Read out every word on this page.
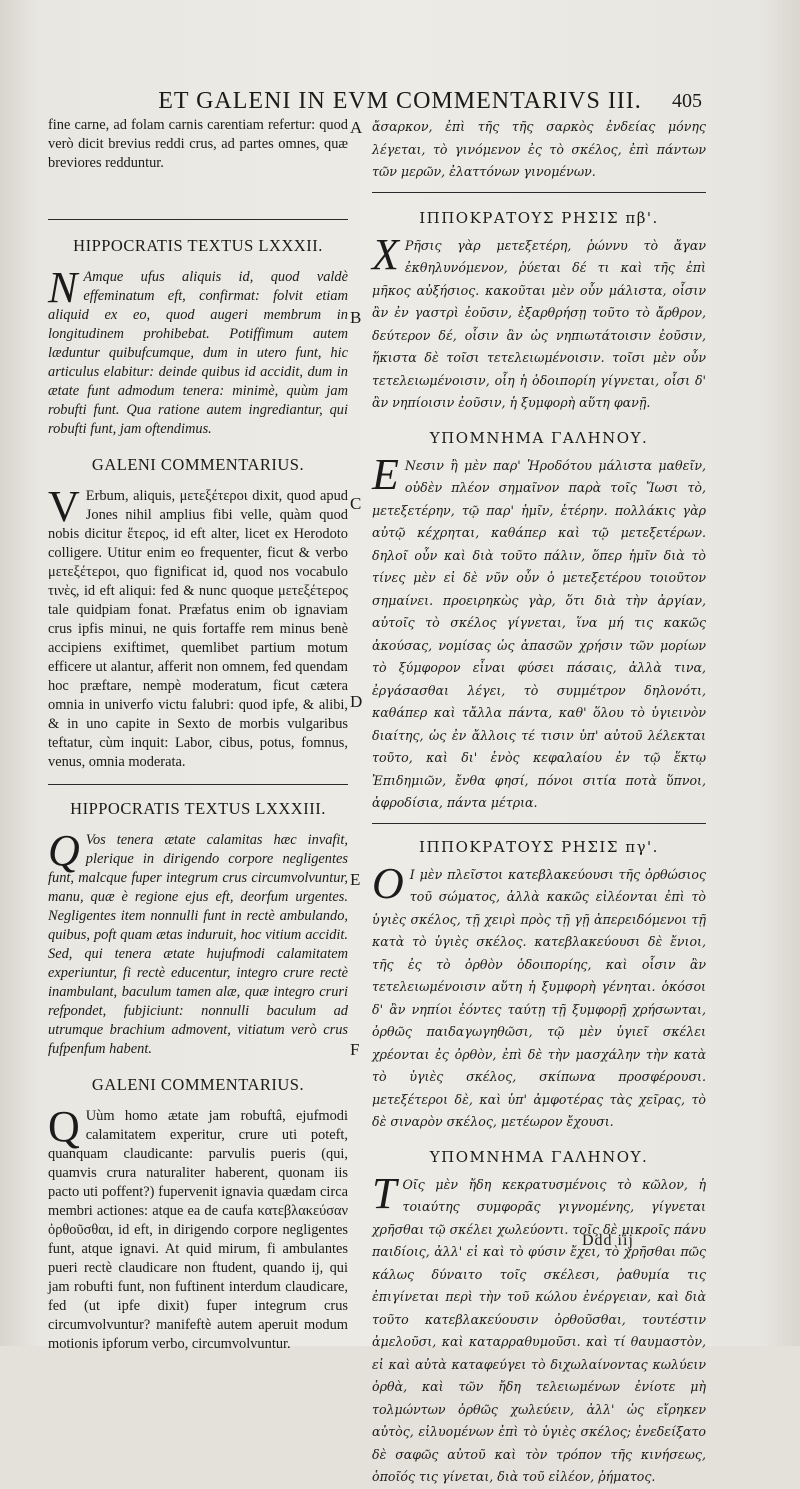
ET GALENI IN EVM COMMENTARIVS III.	405

fine carne, ad folam carnis carentiam refertur: quod verò dicit brevius reddi crus, ad partes omnes, quæ breviores redduntur.

HIPPOCRATIS TEXTUS LXXXII.

N Amque ufus aliquis id, quod valdè effeminatum eft, confirmat: folvit etiam aliquid ex eo, quod augeri membrum in longitudinem prohibebat. Potiffimum autem læduntur quibufcumque, dum in utero funt, hic articulus elabitur: deinde quibus id accidit, dum in ætate funt admodum tenera: minimè, quùm jam robufti funt. Qua ratione autem ingrediantur, qui robufti funt, jam oftendimus.

GALENI COMMENTARIUS.

V Erbum, aliquis, μετεξέτεροι dixit, quod apud Jones nihil amplius fibi velle, quàm quod nobis dicitur ἕτερος, id eft alter, licet ex Herodoto colligere. Utitur enim eo frequenter, ficut & verbo μετεξέτεροι, quo fignificat id, quod nos vocabulo τινὲς, id eft aliqui: fed & nunc quoque μετεξέτερος tale quidpiam fonat. Præfatus enim ob ignaviam crus ipfis minui, ne quis fortaffe rem minus benè accipiens exiftimet, quemlibet partium motum efficere ut alantur, afferit non omnem, fed quendam hoc præftare, nempè moderatum, ficut cætera omnia in univerfo victu falubri: quod ipfe, & alibi, & in uno capite in Sexto de morbis vulgaribus teftatur, cùm inquit: Labor, cibus, potus, fomnus, venus, omnia moderata.

HIPPOCRATIS TEXTUS LXXXIII.

Q Vos tenera ætate calamitas hæc invafit, plerique in dirigendo corpore negligentes funt, malcque fuper integrum crus circumvolvuntur, manu, quæ è regione ejus eft, deorfum urgentes. Negligentes item nonnulli funt in rectè ambulando, quibus, poft quam ætas induruit, hoc vitium accidit. Sed, qui tenera ætate hujufmodi calamitatem experiuntur, fi rectè educentur, integro crure rectè inambulant, baculum tamen alæ, quæ integro cruri refpondet, fubjiciunt: nonnulli baculum ad utrumque brachium admovent, vitiatum verò crus fufpenfum habent.

GALENI COMMENTARIUS.

Q Uùm homo ætate jam robuftâ, ejufmodi calamitatem experitur, crure uti poteft, quanquam claudicante: parvulis pueris (qui, quamvis crura naturaliter haberent, quonam iis pacto uti poffent?) fupervenit ignavia quædam circa membri actiones: atque ea de caufa κατεβλακεύσαν ὀρθοῦσθαι, id eft, in dirigendo corpore negligentes funt, atque ignavi. At quid mirum, fi ambulantes pueri rectè claudicare non ftudent, quando ij, qui jam robufti funt, non fuftinent interdum claudicare, fed (ut ipfe dixit) fuper integrum crus circumvolvuntur? manifeftè autem aperuit modum motionis ipforum verbo, circumvolvuntur.

A
B
C
D
E
F

ἄσαρκον, ἐπὶ τῆς τῆς σαρκὸς ἐνδείας μόνης λέγεται, τὸ γινόμενον ἐς τὸ σκέλος, ἐπὶ πάντων τῶν μερῶν, ἐλαττόνων γινομένων.

ΙΠΠΟΚΡΑΤΟΥΣ ΡΗΣΙΣ πβ'.

Χ Ρῆσις γὰρ μετεξετέρη, ῥώννυ τὸ ἄγαν ἐκθηλυνόμενον, ῥύεται δέ τι καὶ τῆς ἐπὶ μῆκος αὐξήσιος. κακοῦται μὲν οὖν μάλιστα, οἷσιν ἂν ἐν γαστρὶ ἐοῦσιν, ἐξαρθρήσῃ τοῦτο τὸ ἄρθρον, δεύτερον δέ, οἷσιν ἂν ὡς νηπιωτάτοισιν ἐοῦσιν, ἥκιστα δὲ τοῖσι τετελειωμένοισιν. τοῖσι μὲν οὖν τετελειωμένοισιν, οἷη ἡ ὁδοιπορίη γίγνεται, οἷσι δ' ἂν νηπίοισιν ἐοῦσιν, ἡ ξυμφορὴ αὕτη φανῇ.

ΥΠΟΜΝΗΜΑ ΓΑΛΗΝΟΥ.

Ε Νεσιν ἢ μὲν παρ' Ἡροδότου μάλιστα μαθεῖν, οὐδὲν πλέον σημαῖνον παρὰ τοῖς Ἴωσι τὸ, μετεξετέρην, τῷ παρ' ἡμῖν, ἑτέρην. πολλάκις γὰρ αὐτῷ κέχρηται, καθάπερ καὶ τῷ μετεξετέρων. δηλοῖ οὖν καὶ διὰ τοῦτο πάλιν, ὅπερ ἡμῖν διὰ τὸ τίνες μὲν εἰ δὲ νῦν οὖν ὁ μετεξετέρου τοιοῦτον σημαίνει. προειρηκὼς γὰρ, ὅτι διὰ τὴν ἀργίαν, αὐτοῖς τὸ σκέλος γίγνεται, ἵνα μή τις κακῶς ἀκούσας, νομίσας ὡς ἁπασῶν χρήσιν τῶν μορίων τὸ ξύμφορον εἶναι φύσει πάσαις, ἀλλὰ τινα, ἐργάσασθαι λέγει, τὸ συμμέτρον δηλονότι, καθάπερ καὶ τἄλλα πάντα, καθ' ὅλου τὸ ὑγιεινὸν διαίτης, ὡς ἐν ἄλλοις τέ τισιν ὑπ' αὐτοῦ λέλεκται τοῦτο, καὶ δι' ἑνὸς κεφαλαίου ἐν τῷ ἕκτῳ Ἐπιδημιῶν, ἔνθα φησί, πόνοι σιτία ποτὰ ὕπνοι, ἀφροδίσια, πάντα μέτρια.

ΙΠΠΟΚΡΑΤΟΥΣ ΡΗΣΙΣ πγ'.

Ο Ι μὲν πλεῖστοι κατεβλακεύουσι τῆς ὀρθώσιος τοῦ σώματος, ἀλλὰ κακῶς εἰλέονται ἐπὶ τὸ ὑγιὲς σκέλος, τῇ χειρὶ πρὸς τῇ γῇ ἀπερειδόμενοι τῇ κατὰ τὸ ὑγιὲς σκέλος. κατεβλακεύουσι δὲ ἔνιοι, τῆς ἐς τὸ ὀρθὸν ὁδοιπορίης, καὶ οἷσιν ἂν τετελειωμένοισιν αὕτη ἡ ξυμφορὴ γένηται. ὁκόσοι δ' ἂν νηπίοι ἐόντες ταύτῃ τῇ ξυμφορῇ χρήσωνται, ὀρθῶς παιδαγωγηθῶσι, τῷ μὲν ὑγιεῖ σκέλει χρέονται ἐς ὀρθὸν, ἐπὶ δὲ τὴν μασχάλην τὴν κατὰ τὸ ὑγιὲς σκέλος, σκίπωνα προσφέρουσι. μετεξέτεροι δὲ, καὶ ὑπ' ἀμφοτέρας τὰς χεῖρας, τὸ δὲ σιναρὸν σκέλος, μετέωρον ἔχουσι.

ΥΠΟΜΝΗΜΑ ΓΑΛΗΝΟΥ.

Τ Οῖς μὲν ἤδη κεκρατυσμένοις τὸ κῶλον, ἡ τοιαύτης συμφορᾶς γιγνομένης, γίγνεται χρῆσθαι τῷ σκέλει χωλεύοντι. τοῖς δὲ μικροῖς πάνυ παιδίοις, ἀλλ' εἰ καὶ τὸ φύσιν ἔχει, τὸ χρῆσθαι πῶς κάλως δύναιτο τοῖς σκέλεσι, ῥαθυμία τις ἐπιγίνεται περὶ τὴν τοῦ κώλου ἐνέργειαν, καὶ διὰ τοῦτο κατεβλακεύουσιν ὀρθοῦσθαι, τουτέστιν ἀμελοῦσι, καὶ καταρραθυμοῦσι. καὶ τί θαυμαστὸν, εἰ καὶ αὐτὰ καταφεύγει τὸ διχωλαίνοντας κωλύειν ὀρθὰ, καὶ τῶν ἤδη τελειωμένων ἐνίοτε μὴ τολμώντων ὀρθῶς χωλεύειν, ἀλλ' ὡς εἴρηκεν αὐτὸς, εἰλυομένων ἐπὶ τὸ ὑγιὲς σκέλος; ἐνεδείξατο δὲ σαφῶς αὐτοῦ καὶ τὸν τρόπον τῆς κινήσεως, ὁποῖός τις γίνεται, διὰ τοῦ εἰλέον, ῥήματος.

Ddd iij
